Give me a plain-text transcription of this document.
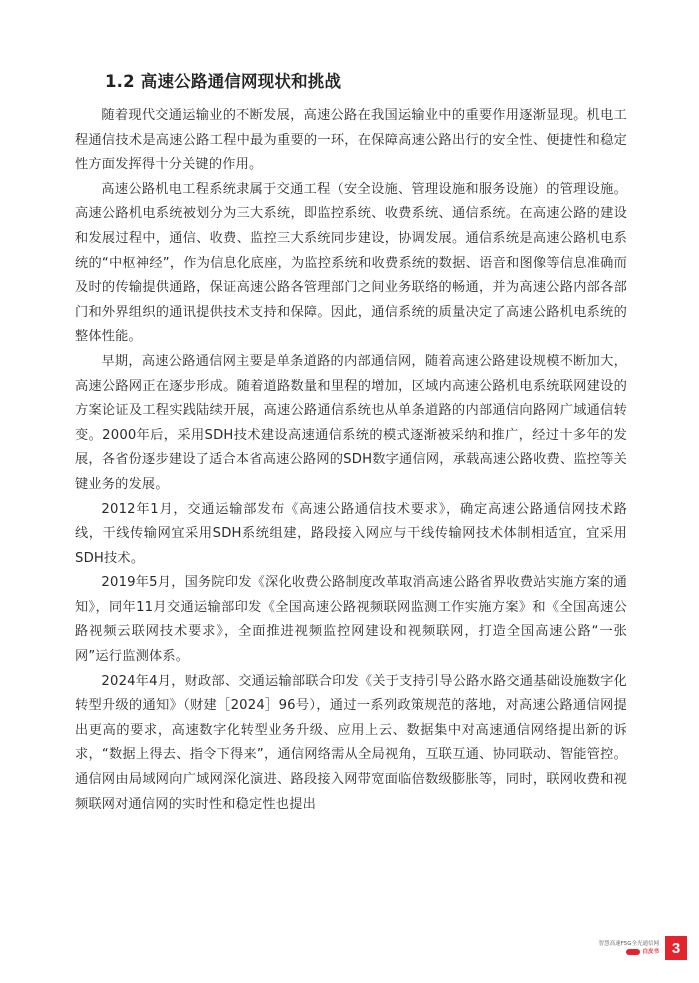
1.2 高速公路通信网现状和挑战

随着现代交通运输业的不断发展，高速公路在我国运输业中的重要作用逐渐显现。机电工程通信技术是高速公路工程中最为重要的一环，在保障高速公路出行的安全性、便捷性和稳定性方面发挥得十分关键的作用。

高速公路机电工程系统隶属于交通工程（安全设施、管理设施和服务设施）的管理设施。高速公路机电系统被划分为三大系统，即监控系统、收费系统、通信系统。在高速公路的建设和发展过程中，通信、收费、监控三大系统同步建设，协调发展。通信系统是高速公路机电系统的“中枢神经”，作为信息化底座，为监控系统和收费系统的数据、语音和图像等信息准确而及时的传输提供通路，保证高速公路各管理部门之间业务联络的畅通，并为高速公路内部各部门和外界组织的通讯提供技术支持和保障。因此，通信系统的质量决定了高速公路机电系统的整体性能。

早期，高速公路通信网主要是单条道路的内部通信网，随着高速公路建设规模不断加大，高速公路网正在逐步形成。随着道路数量和里程的增加，区域内高速公路机电系统联网建设的方案论证及工程实践陆续开展，高速公路通信系统也从单条道路的内部通信向路网广域通信转变。2000年后，采用SDH技术建设高速通信系统的模式逐渐被采纳和推广，经过十多年的发展，各省份逐步建设了适合本省高速公路网的SDH数字通信网，承载高速公路收费、监控等关键业务的发展。

2012年1月，交通运输部发布《高速公路通信技术要求》，确定高速公路通信网技术路线，干线传输网宜采用SDH系统组建，路段接入网应与干线传输网技术体制相适宜，宜采用SDH技术。

2019年5月，国务院印发《深化收费公路制度改革取消高速公路省界收费站实施方案的通知》，同年11月交通运输部印发《全国高速公路视频联网监测工作实施方案》和《全国高速公路视频云联网技术要求》，全面推进视频监控网建设和视频联网，打造全国高速公路“一张网”运行监测体系。

2024年4月，财政部、交通运输部联合印发《关于支持引导公路水路交通基础设施数字化转型升级的通知》（财建［2024］96号），通过一系列政策规范的落地，对高速公路通信网提出更高的要求，高速数字化转型业务升级、应用上云、数据集中对高速通信网络提出新的诉求，“数据上得去、指令下得来”，通信网络需从全局视角，互联互通、协同联动、智能管控。通信网由局域网向广域网深化演进、路段接入网带宽面临倍数级膨胀等，同时，联网收费和视频联网对通信网的实时性和稳定性也提出

智慧高速F5G全光通信网
白皮书 3
